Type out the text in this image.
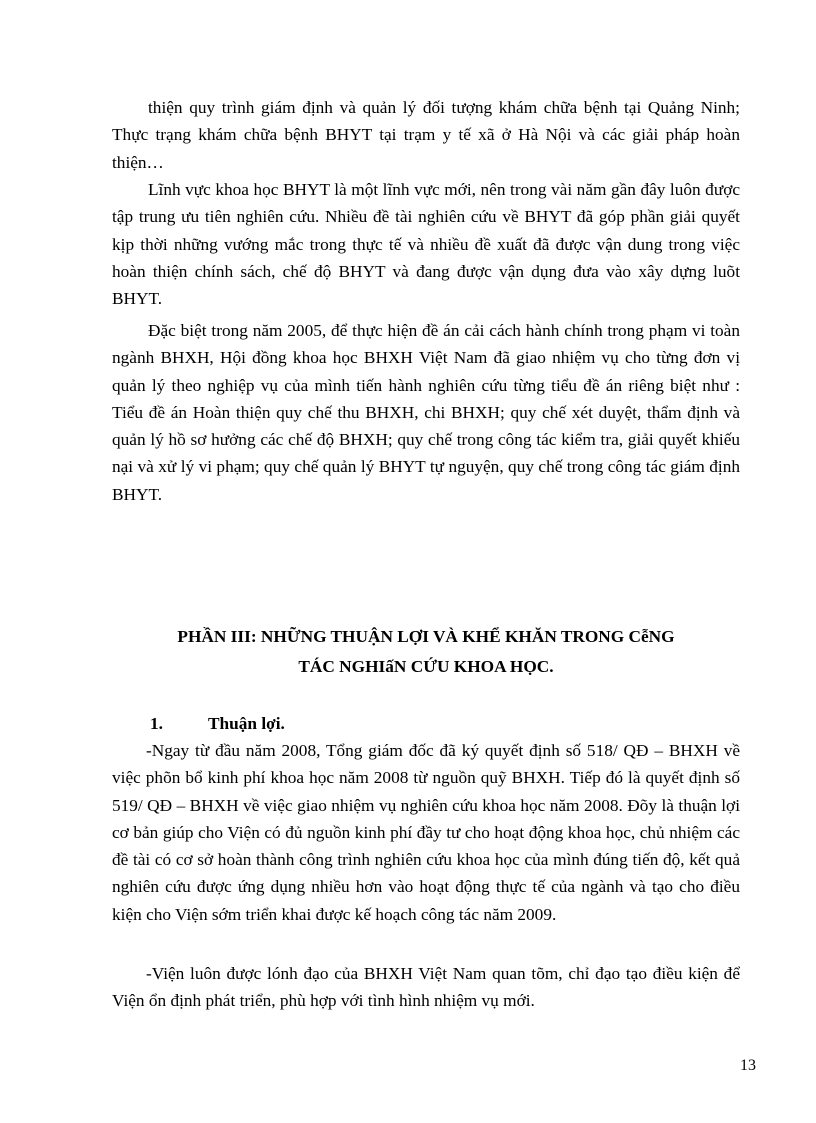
thiện quy trình giám định và quản lý đối tượng khám chữa bệnh tại Quảng Ninh; Thực trạng khám chữa bệnh BHYT tại trạm y tế xã ở Hà Nội và các giải pháp hoàn thiện…

Lĩnh vực khoa học BHYT là một lĩnh vực mới, nên trong vài năm gần đây luôn được tập trung ưu tiên nghiên cứu. Nhiều đề tài nghiên cứu về BHYT đã góp phần giải quyết kịp thời những vướng mắc trong thực tế và nhiều đề xuất đã được vận dung trong việc hoàn thiện chính sách, chế độ BHYT và đang được vận dụng đưa vào xây dựng luõt BHYT.

Đặc biệt trong năm 2005, để thực hiện đề án cải cách hành chính trong phạm vi toàn ngành BHXH, Hội đồng khoa học BHXH Việt Nam đã giao nhiệm vụ cho từng đơn vị quản lý theo nghiệp vụ của mình tiến hành nghiên cứu từng tiểu đề án riêng biệt như : Tiểu đề án Hoàn thiện quy chế thu BHXH, chi BHXH; quy chế xét duyệt, thẩm định và quản lý hồ sơ hưởng các chế độ BHXH; quy chế trong công tác kiểm tra, giải quyết khiếu nại và xử lý vi phạm; quy chế quản lý BHYT tự nguyện, quy chế trong công tác giám định BHYT.

PHẦN III: NHỮNG THUẬN LỢI VÀ KHỂ KHĂN TRONG CễNG
TÁC NGHIấN CỨU KHOA HỌC.
1.	Thuận lợi.

-Ngay từ đầu năm 2008, Tổng giám đốc đã ký quyết định số 518/ QĐ – BHXH về việc phõn bổ kinh phí khoa học năm 2008 từ nguồn quỹ BHXH. Tiếp đó là quyết định số 519/ QĐ – BHXH về việc giao nhiệm vụ nghiên cứu khoa học năm 2008. Đõy là thuận lợi cơ bản giúp cho Viện có đủ nguồn kinh phí đầy tư cho hoạt động khoa học, chủ nhiệm các đề tài có cơ sở hoàn thành công trình nghiên cứu khoa học của mình đúng tiến độ, kết quả nghiên cứu được ứng dụng nhiều hơn vào hoạt động thực tế của ngành và tạo cho điều kiện cho Viện sớm triển khai được kế hoạch công tác năm 2009.

-Viện luôn được lónh đạo của BHXH Việt Nam quan tõm, chỉ đạo tạo điều kiện để Viện ổn định phát triển, phù hợp với tình hình nhiệm vụ mới.

13
